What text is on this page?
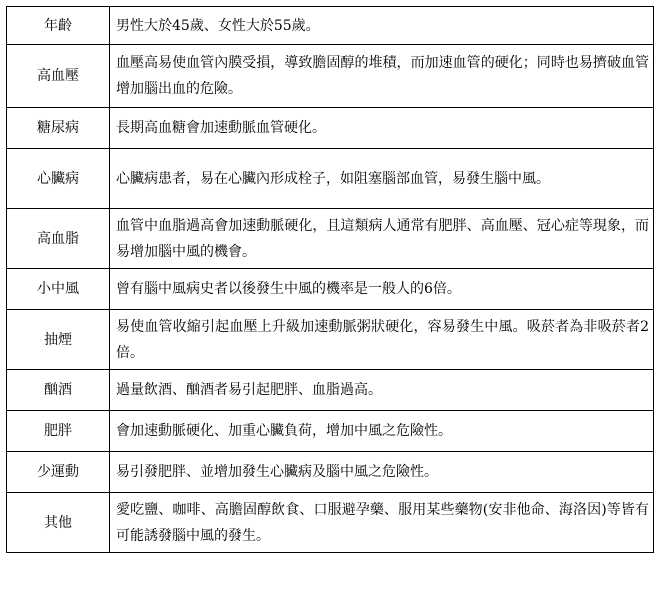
年齡	男性大於45歲、女性大於55歲。
高血壓	血壓高易使血管內膜受損，導致膽固醇的堆積，而加速血管的硬化；同時也易擠破血管增加腦出血的危險。
糖尿病	長期高血糖會加速動脈血管硬化。
心臟病	心臟病患者，易在心臟內形成栓子，如阻塞腦部血管，易發生腦中風。
高血脂	血管中血脂過高會加速動脈硬化，且這類病人通常有肥胖、高血壓、冠心症等現象，而易增加腦中風的機會。
小中風	曾有腦中風病史者以後發生中風的機率是一般人的6倍。
抽煙	易使血管收縮引起血壓上升級加速動脈粥狀硬化，容易發生中風。吸菸者為非吸菸者2倍。
酗酒	過量飲酒、酗酒者易引起肥胖、血脂過高。
肥胖	會加速動脈硬化、加重心臟負荷，增加中風之危險性。
少運動	易引發肥胖、並增加發生心臟病及腦中風之危險性。
其他	愛吃鹽、咖啡、高膽固醇飲食、口服避孕藥、服用某些藥物(安非他命、海洛因)等皆有可能誘發腦中風的發生。
